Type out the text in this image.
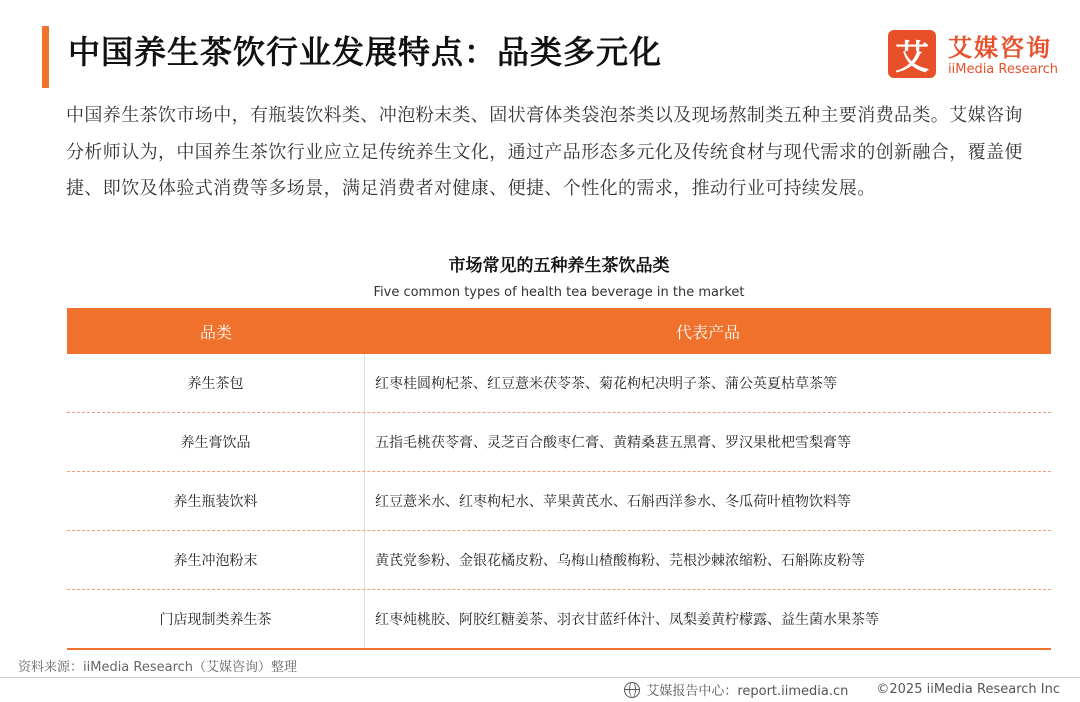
中国养生茶饮行业发展特点：品类多元化	艾 艾媒咨询
iiMedia Research
中国养生茶饮市场中，有瓶装饮料类、冲泡粉末类、固状膏体类袋泡茶类以及现场熬制类五种主要消费品类。艾媒咨询分析师认为，中国养生茶饮行业应立足传统养生文化，通过产品形态多元化及传统食材与现代需求的创新融合，覆盖便捷、即饮及体验式消费等多场景，满足消费者对健康、便捷、个性化的需求，推动行业可持续发展。
市场常见的五种养生茶饮品类
Five common types of health tea beverage in the market
品类	代表产品
养生茶包	红枣桂圆枸杞茶、红豆薏米茯苓茶、菊花枸杞决明子茶、蒲公英夏枯草茶等
养生膏饮品	五指毛桃茯苓膏、灵芝百合酸枣仁膏、黄精桑葚五黑膏、罗汉果枇杷雪梨膏等
养生瓶装饮料	红豆薏米水、红枣枸杞水、苹果黄芪水、石斛西洋参水、冬瓜荷叶植物饮料等
养生冲泡粉末	黄芪党参粉、金银花橘皮粉、乌梅山楂酸梅粉、芫根沙棘浓缩粉、石斛陈皮粉等
门店现制类养生茶	红枣炖桃胶、阿胶红糖姜茶、羽衣甘蓝纤体汁、凤梨姜黄柠檬露、益生菌水果茶等
资料来源：iiMedia Research（艾媒咨询）整理
艾媒报告中心：report.iimedia.cn ©2025 iiMedia Research Inc
